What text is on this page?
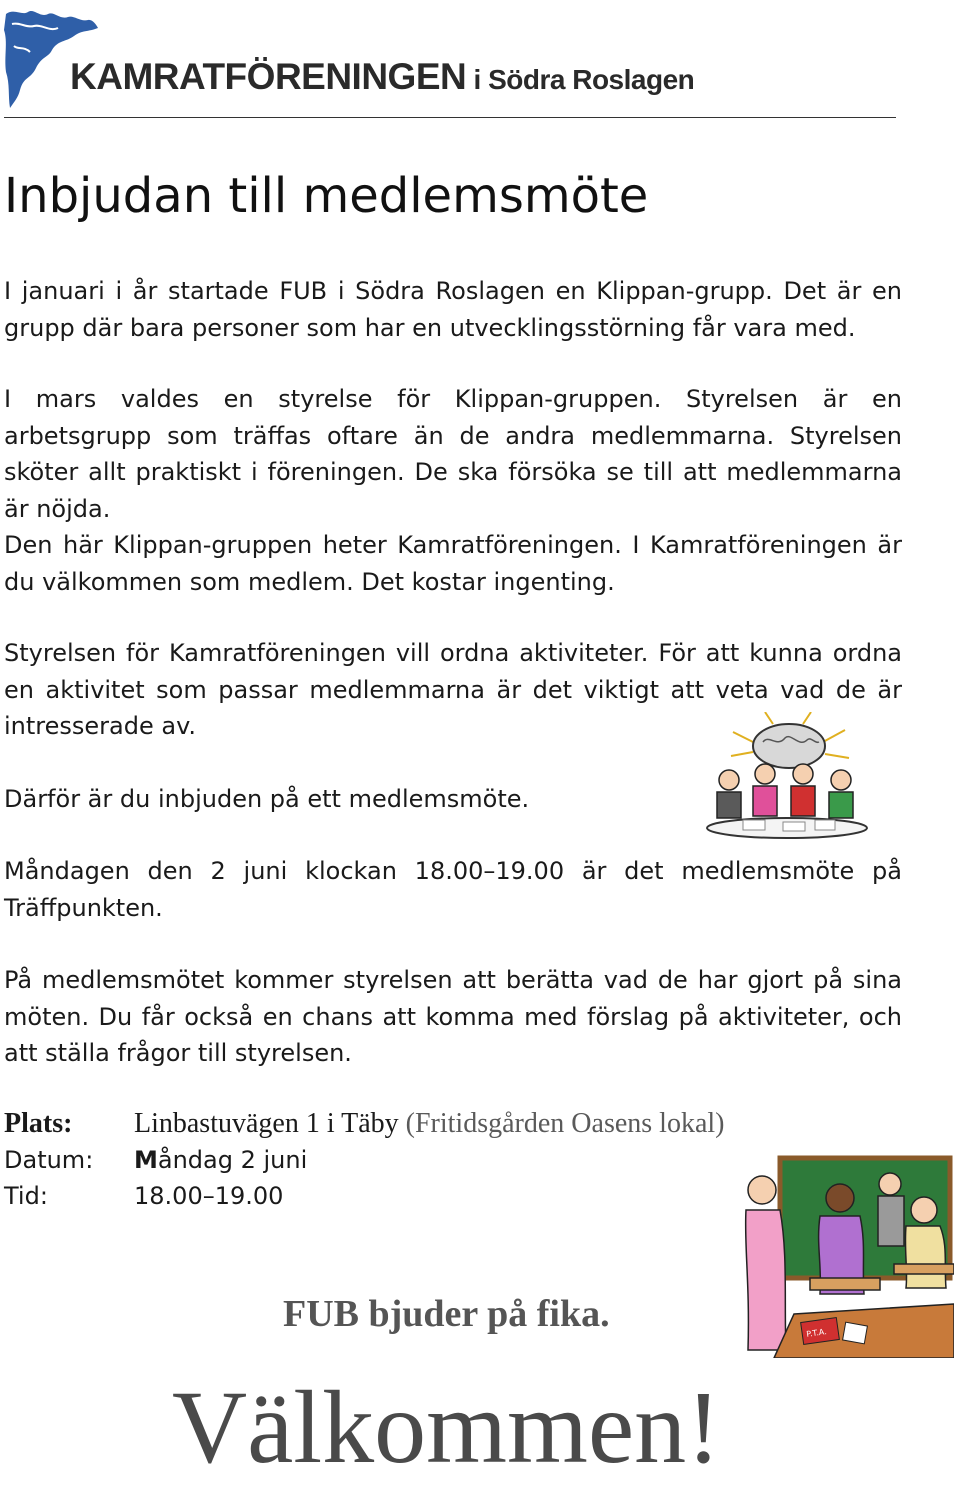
KAMRATFÖRENINGEN i Södra Roslagen
Inbjudan till medlemsmöte

I januari i år startade FUB i Södra Roslagen en Klippan-grupp. Det är en grupp där bara personer som har en utvecklingsstörning får vara med.

I mars valdes en styrelse för Klippan-gruppen. Styrelsen är en arbetsgrupp som träffas oftare än de andra medlemmarna. Styrelsen sköter allt praktiskt i föreningen. De ska försöka se till att medlemmarna är nöjda.

Den här Klippan-gruppen heter Kamratföreningen. I Kamratföreningen är du välkommen som medlem. Det kostar ingenting.

Styrelsen för Kamratföreningen vill ordna aktiviteter. För att kunna ordna en aktivitet som passar medlemmarna är det viktigt att veta vad de är intresserade av.

Därför är du inbjuden på ett medlemsmöte.

Måndagen den 2 juni klockan 18.00–19.00 är det medlemsmöte på Träffpunkten.

På medlemsmötet kommer styrelsen att berätta vad de har gjort på sina möten. Du får också en chans att komma med förslag på aktiviteter, och att ställa frågor till styrelsen.

Plats: Linbastuvägen 1 i Täby (Fritidsgården Oasens lokal)
Datum: Måndag 2 juni
Tid:	18.00–19.00
P.T.A.

FUB bjuder på fika.

Välkommen!
